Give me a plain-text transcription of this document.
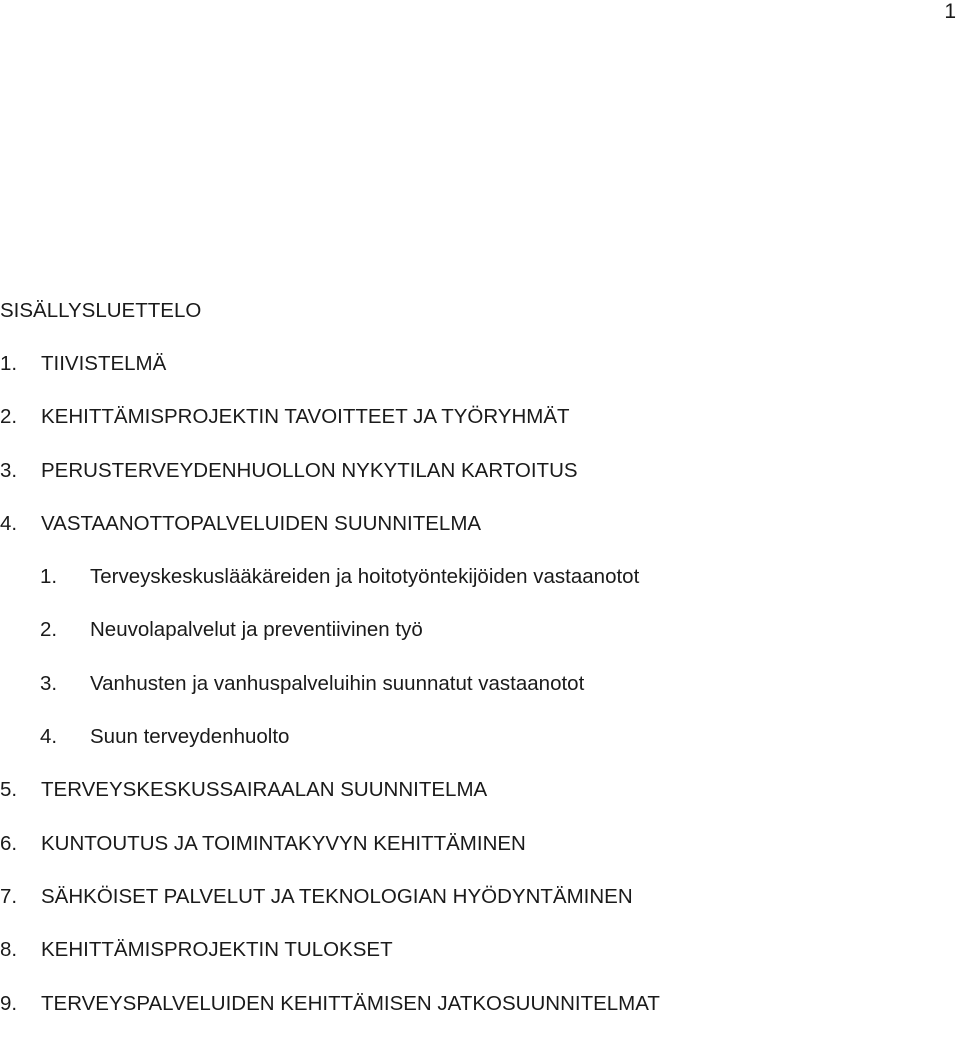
1
SISÄLLYSLUETTELO
1. TIIVISTELMÄ
2. KEHITTÄMISPROJEKTIN TAVOITTEET JA TYÖRYHMÄT
3. PERUSTERVEYDENHUOLLON NYKYTILAN KARTOITUS
4. VASTAANOTTOPALVELUIDEN SUUNNITELMA
1. Terveyskeskuslääkäreiden ja hoitotyöntekijöiden vastaanotot
2. Neuvolapalvelut ja preventiivinen työ
3. Vanhusten ja vanhuspalveluihin suunnatut vastaanotot
4. Suun terveydenhuolto
5. TERVEYSKESKUSSAIRAALAN SUUNNITELMA
6. KUNTOUTUS JA TOIMINTAKYVYN KEHITTÄMINEN
7. SÄHKÖISET PALVELUT JA TEKNOLOGIAN HYÖDYNTÄMINEN
8. KEHITTÄMISPROJEKTIN TULOKSET
9. TERVEYSPALVELUIDEN KEHITTÄMISEN JATKOSUUNNITELMAT
